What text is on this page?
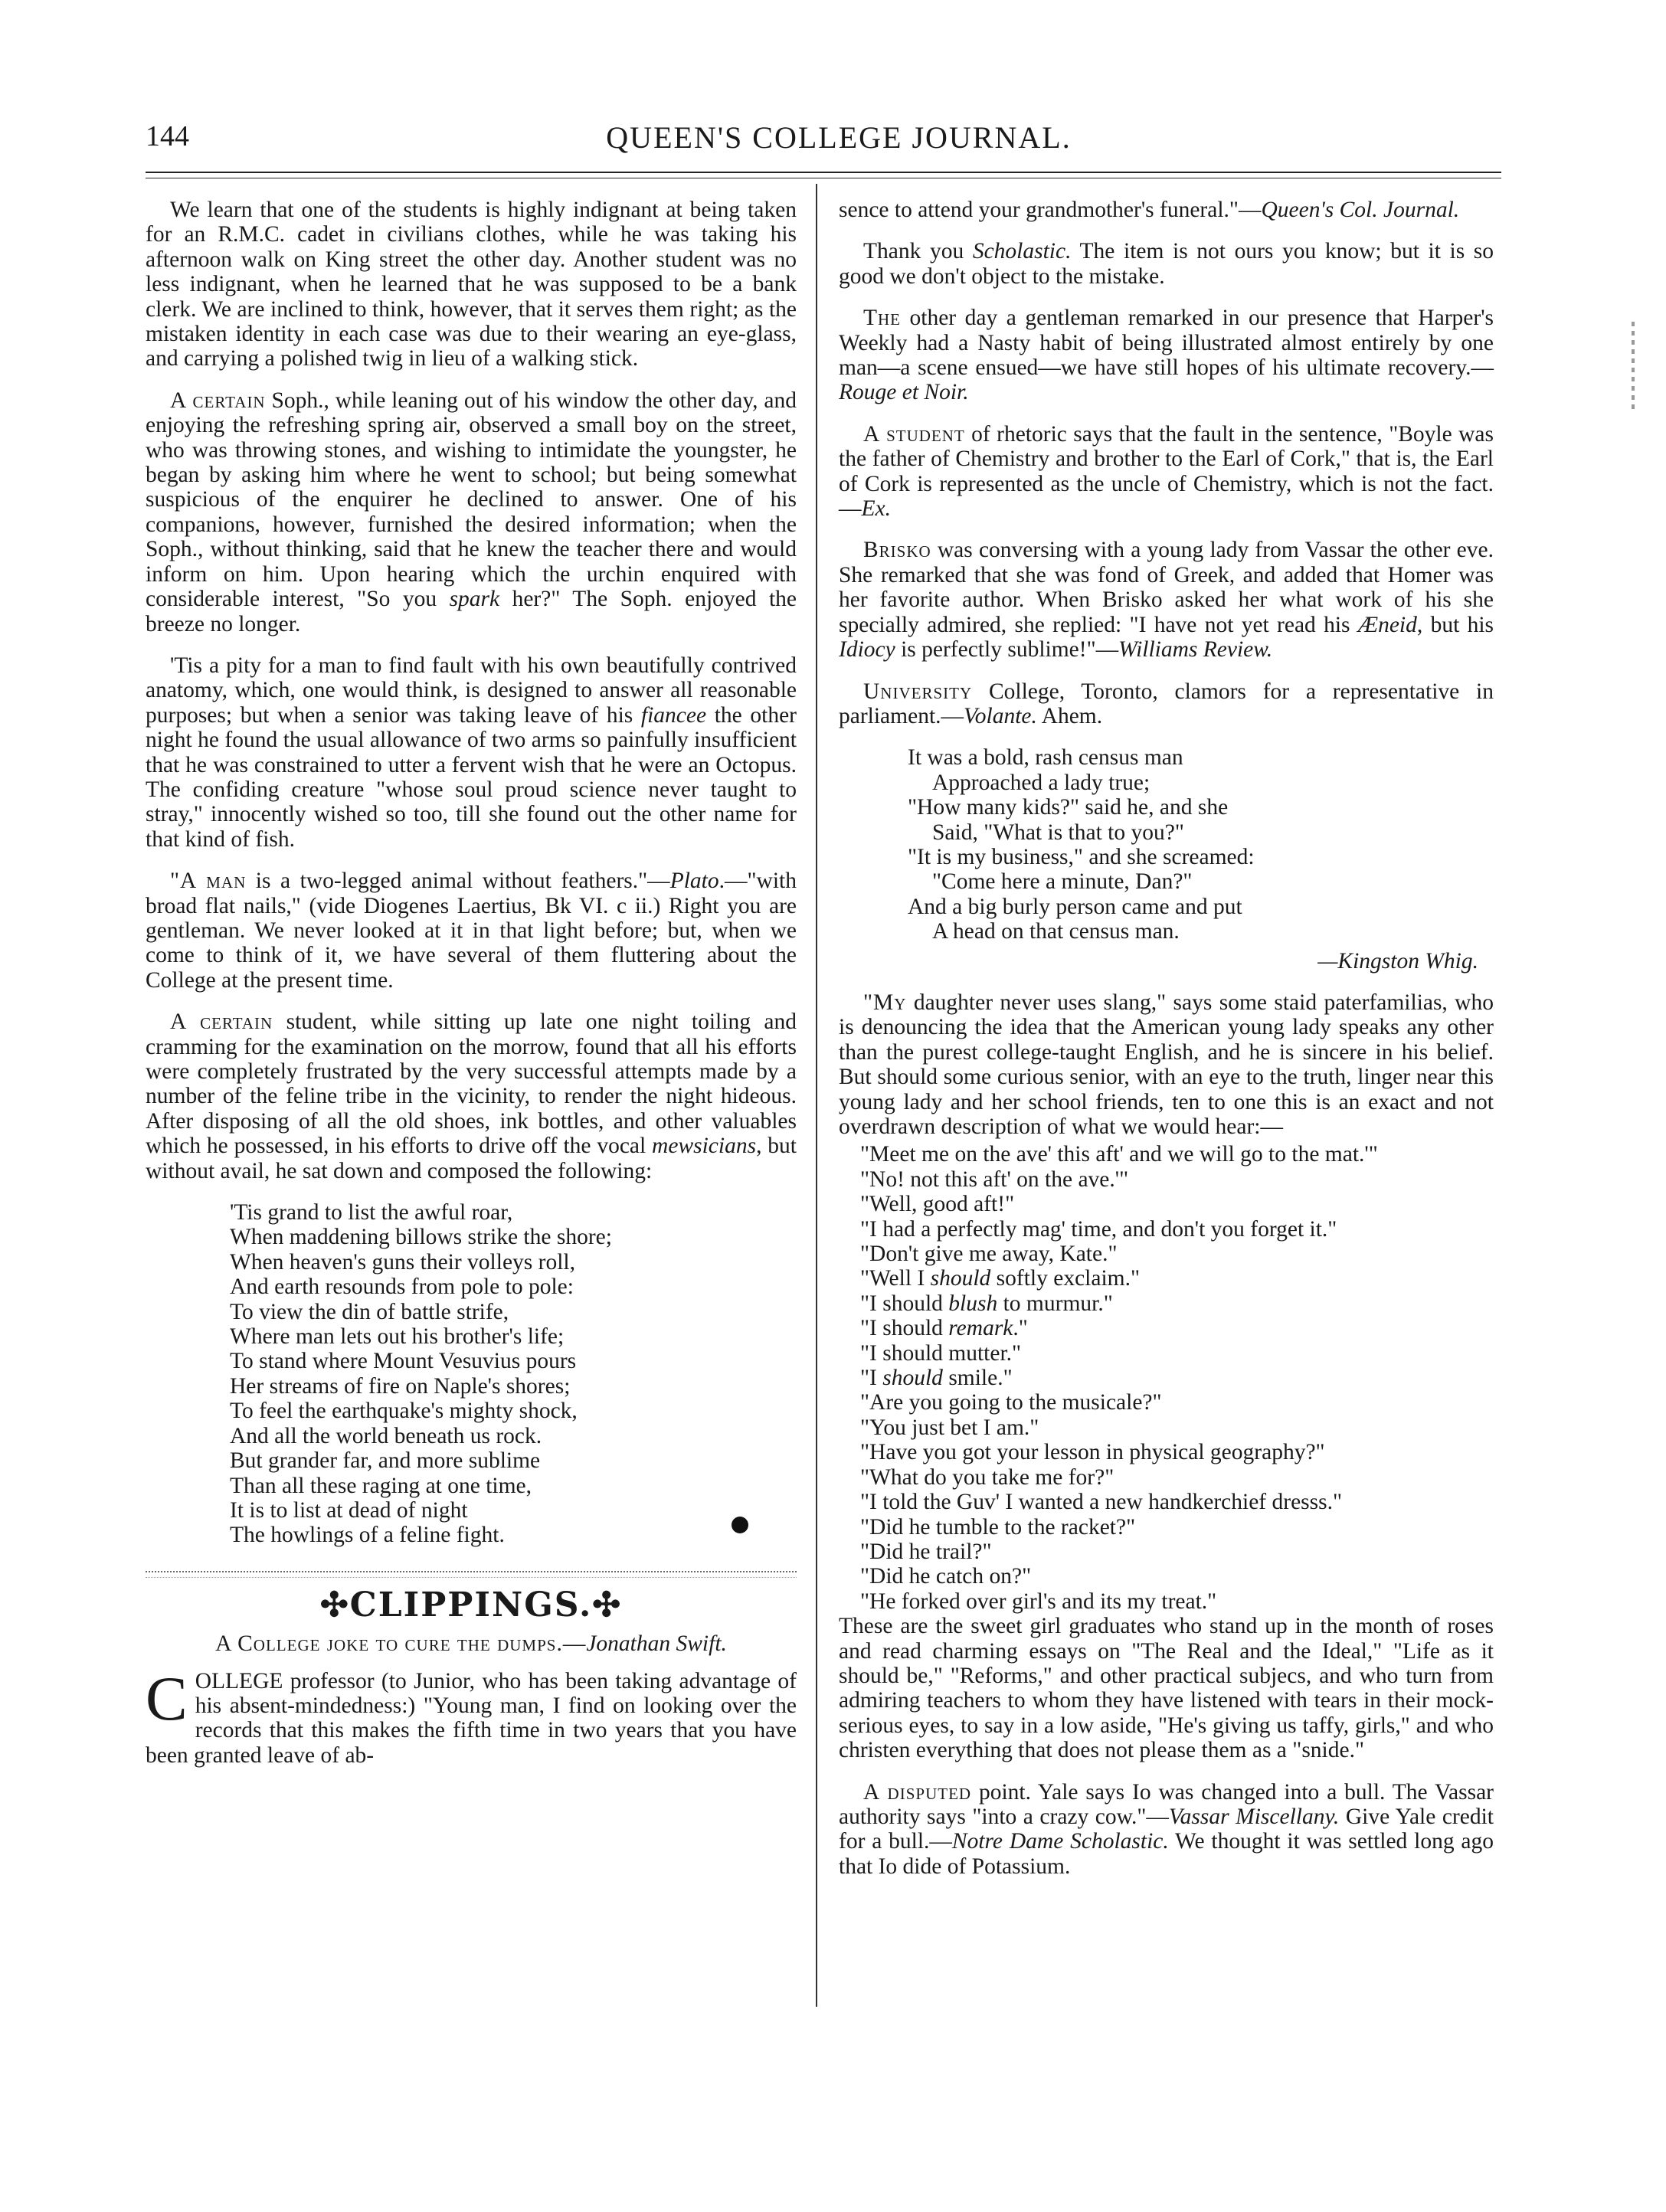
144	QUEEN'S COLLEGE JOURNAL.

We learn that one of the students is highly indignant at being taken for an R.M.C. cadet in civilians clothes, while he was taking his afternoon walk on King street the other day. Another student was no less indignant, when he learned that he was supposed to be a bank clerk. We are inclined to think, however, that it serves them right; as the mistaken identity in each case was due to their wearing an eye-glass, and carrying a polished twig in lieu of a walking stick.

A certain Soph., while leaning out of his window the other day, and enjoying the refreshing spring air, observed a small boy on the street, who was throwing stones, and wishing to intimidate the youngster, he began by asking him where he went to school; but being somewhat suspicious of the enquirer he declined to answer. One of his companions, however, furnished the desired information; when the Soph., without thinking, said that he knew the teacher there and would inform on him. Upon hearing which the urchin enquired with considerable interest, "So you spark her?" The Soph. enjoyed the breeze no longer.

'Tis a pity for a man to find fault with his own beautifully contrived anatomy, which, one would think, is designed to answer all reasonable purposes; but when a senior was taking leave of his fiancee the other night he found the usual allowance of two arms so painfully insufficient that he was constrained to utter a fervent wish that he were an Octopus. The confiding creature "whose soul proud science never taught to stray," innocently wished so too, till she found out the other name for that kind of fish.

"A man is a two-legged animal without feathers."—Plato.—"with broad flat nails," (vide Diogenes Laertius, Bk VI. c ii.) Right you are gentleman. We never looked at it in that light before; but, when we come to think of it, we have several of them fluttering about the College at the present time.

A certain student, while sitting up late one night toiling and cramming for the examination on the morrow, found that all his efforts were completely frustrated by the very successful attempts made by a number of the feline tribe in the vicinity, to render the night hideous. After disposing of all the old shoes, ink bottles, and other valuables which he possessed, in his efforts to drive off the vocal mewsicians, but without avail, he sat down and composed the following:

'Tis grand to list the awful roar,
When maddening billows strike the shore;
When heaven's guns their volleys roll,
And earth resounds from pole to pole:
To view the din of battle strife,
Where man lets out his brother's life;
To stand where Mount Vesuvius pours
Her streams of fire on Naple's shores;
To feel the earthquake's mighty shock,
And all the world beneath us rock.
But grander far, and more sublime
Than all these raging at one time,
It is to list at dead of night
The howlings of a feline fight.
✣CLIPPINGS.✣
A College joke to cure the dumps.—Jonathan Swift.

COLLEGE professor (to Junior, who has been taking advantage of his absent-mindedness:) "Young man, I find on looking over the records that this makes the fifth time in two years that you have been granted leave of ab-

sence to attend your grandmother's funeral."—Queen's Col. Journal.

Thank you Scholastic. The item is not ours you know; but it is so good we don't object to the mistake.

The other day a gentleman remarked in our presence that Harper's Weekly had a Nasty habit of being illustrated almost entirely by one man—a scene ensued—we have still hopes of his ultimate recovery.—Rouge et Noir.

A student of rhetoric says that the fault in the sentence, "Boyle was the father of Chemistry and brother to the Earl of Cork," that is, the Earl of Cork is represented as the uncle of Chemistry, which is not the fact.—Ex.

Brisko was conversing with a young lady from Vassar the other eve. She remarked that she was fond of Greek, and added that Homer was her favorite author. When Brisko asked her what work of his she specially admired, she replied: "I have not yet read his Æneid, but his Idiocy is perfectly sublime!"—Williams Review.

University College, Toronto, clamors for a representative in parliament.—Volante. Ahem.

It was a bold, rash census man
Approached a lady true;
"How many kids?" said he, and she
Said, "What is that to you?"
"It is my business," and she screamed:
"Come here a minute, Dan?"
And a big burly person came and put
A head on that census man.
—Kingston Whig.

"My daughter never uses slang," says some staid paterfamilias, who is denouncing the idea that the American young lady speaks any other than the purest college-taught English, and he is sincere in his belief. But should some curious senior, with an eye to the truth, linger near this young lady and her school friends, ten to one this is an exact and not overdrawn description of what we would hear:—

"Meet me on the ave' this aft' and we will go to the mat.'"
"No! not this aft' on the ave.'"
"Well, good aft!"
"I had a perfectly mag' time, and don't you forget it."
"Don't give me away, Kate."
"Well I should softly exclaim."
"I should blush to murmur."
"I should remark."
"I should mutter."
"I should smile."
"Are you going to the musicale?"
"You just bet I am."
"Have you got your lesson in physical geography?"
"What do you take me for?"
"I told the Guv' I wanted a new handkerchief dresss."
"Did he tumble to the racket?"
"Did he trail?"
"Did he catch on?"
"He forked over girl's and its my treat."

These are the sweet girl graduates who stand up in the month of roses and read charming essays on "The Real and the Ideal," "Life as it should be," "Reforms," and other practical subjecs, and who turn from admiring teachers to whom they have listened with tears in their mock-serious eyes, to say in a low aside, "He's giving us taffy, girls," and who christen everything that does not please them as a "snide."

A disputed point. Yale says Io was changed into a bull. The Vassar authority says "into a crazy cow."—Vassar Miscellany. Give Yale credit for a bull.—Notre Dame Scholastic. We thought it was settled long ago that Io dide of Potassium.
